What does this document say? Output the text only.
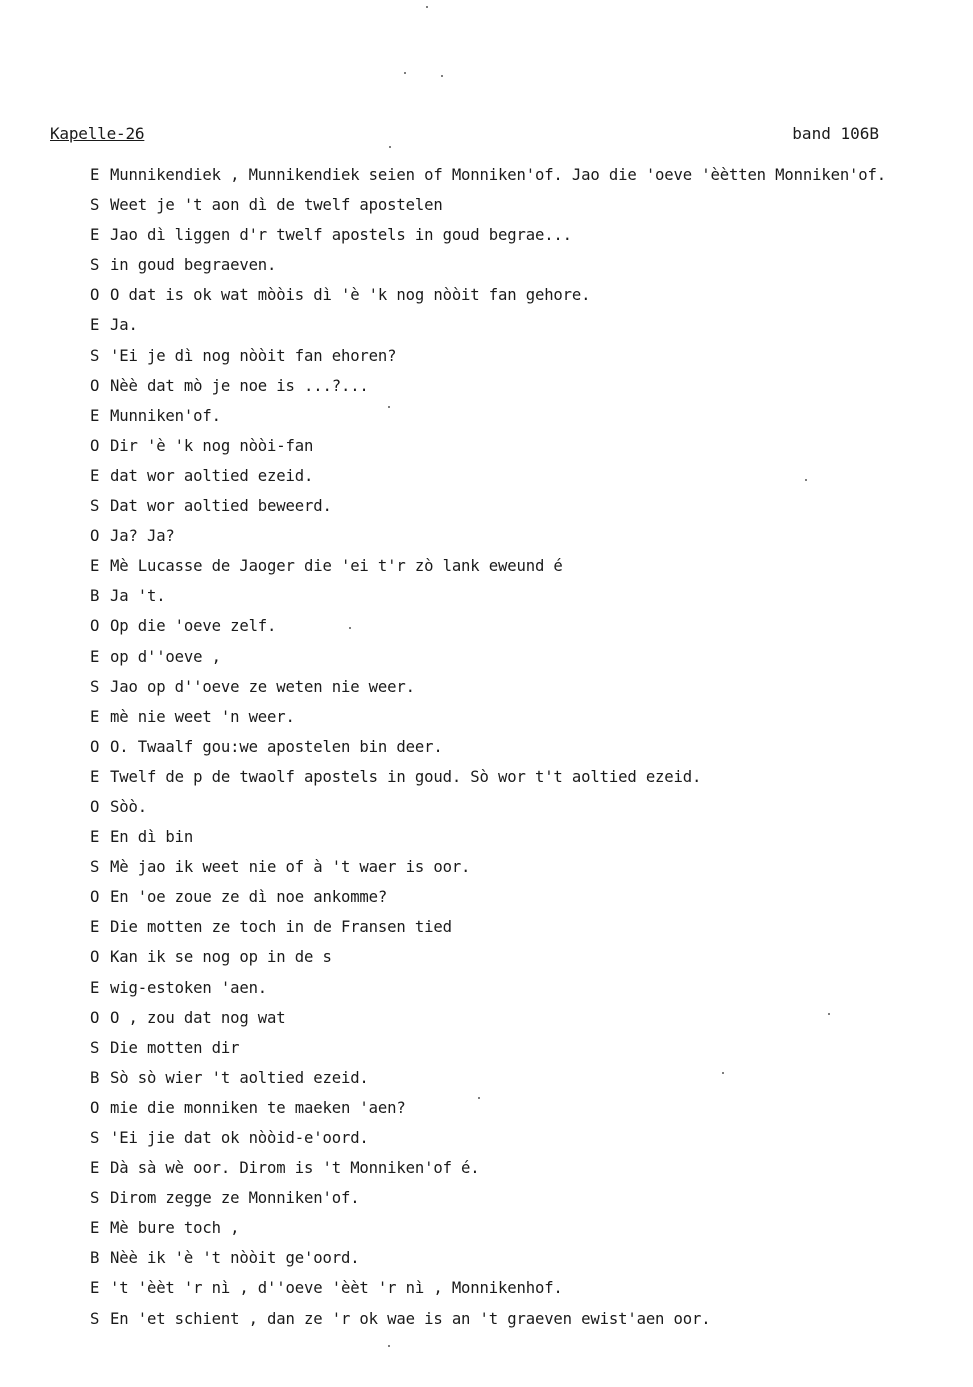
Kapelle-26	band 106B
E Munnikendiek , Munnikendiek seien of Monniken'of. Jao die 'oeve 'èètten Monniken'of.
S Weet je 't aon dì de twelf apostelen
E Jao dì liggen d'r twelf apostels in goud begrae...
S in goud begraeven.
O O dat is ok wat mòòis dì 'è 'k nog nòòit fan gehore.
E Ja.
S 'Ei je dì nog nòòit fan ehoren?
O Nèè dat mò je noe is ...?...
E Munniken'of.
O Dir 'è 'k nog nòòi-fan
E dat wor aoltied ezeid.
S Dat wor aoltied beweerd.
O Ja? Ja?
E Mè Lucasse de Jaoger die 'ei t'r zò lank eweund é
B Ja 't.
O Op die 'oeve zelf.
E op d''oeve ,
S Jao op d''oeve ze weten nie weer.
E mè nie weet 'n weer.
O O. Twaalf gou:we apostelen bin deer.
E Twelf de p de twaolf apostels in goud. Sò wor t't aoltied ezeid.
O Sòò.
E En dì bin
S Mè jao ik weet nie of à 't waer is oor.
O En 'oe zoue ze dì noe ankomme?
E Die motten ze toch in de Fransen tied
O Kan ik se nog op in de s
E wig-estoken 'aen.
O O , zou dat nog wat
S Die motten dir
B Sò sò wier 't aoltied ezeid.
O mie die monniken te maeken 'aen?
S 'Ei jie dat ok nòòid-e'oord.
E Dà sà wè oor. Dirom is 't Monniken'of é.
S Dirom zegge ze Monniken'of.
E Mè bure toch ,
B Nèè ik 'è 't nòòit ge'oord.
E 't 'èèt 'r nì , d''oeve 'èèt 'r nì , Monnikenhof.
S En 'et schient , dan ze 'r ok wae is an 't graeven ewist'aen oor.
